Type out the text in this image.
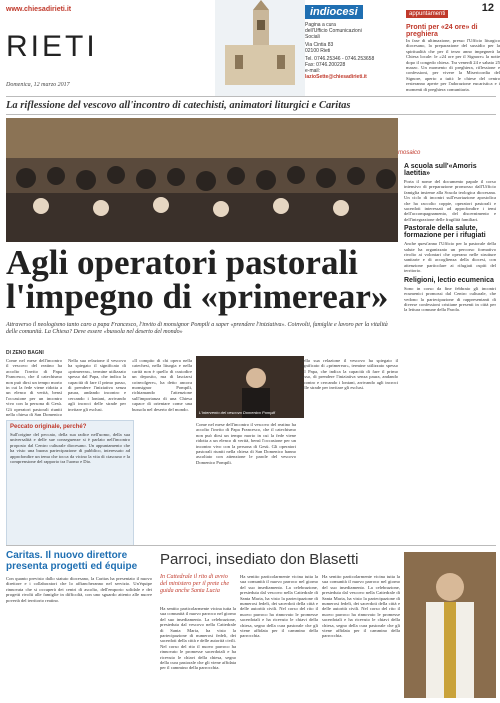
www.chiesadirieti.it
RIETI
Domenica, 12 marzo 2017
indiocesi
Pagina a cura
dell'Ufficio Comunicazioni
Sociali
Via Cintia 83
02100 Rieti
Tel. 0746.25346 - 0746.253658
Fax: 0746.200228
e-mail:
lazioSette@chiesadirieti.it
appuntamenti
Pronti per «24 ore» di preghiera
In fase di ultimazione, presso l'Ufficio liturgico diocesano, la preparazione del sussidio per la spiritualità che per il terzo anno impegnerà la Chiesa locale: le «24 ore per il Signore» la notte dopo il congedo chiesa. Tra venerdì 24 e sabato 25 marzo. Un momento di preghiera, riflessione e confessioni, per vivere la Misericordia del Signore, aperto a tutti: le chiese del centro resteranno aperte per l'adorazione eucaristica e i momenti di preghiera comunitaria.
12
La riflessione del vescovo all'incontro di catechisti, animatori liturgici e Caritas
mosaico
Agli operatori pastorali l'impegno di «primerear»
Attraverso il neologismo tanto caro a papa Francesco, l'invito di monsignor Pompili a saper «prendere l'iniziativa». Coinvolti, famiglie e lavoro per la vitalità delle comunità. La Chiesa? Deve essere «bussola nel deserto del mondo»
DI ZENO BAGNI
Come nel mese dell'incontro il vescovo del reatino ha accolto l'invito di Papa Francesco, che il catechismo non può dirsi un tempo morto in cui la fede viene ridotta a un elenco di verità, bensì l'occasione per un incontro vivo con la persona di Gesù. Gli operatori pastorali riuniti nella chiesa di San Domenico
Peccato originale, perché?
Sull'origine del peccato, della sua radice nell'uomo, della sua universalità e delle sue conseguenze si è parlato nell'incontro proposto dal Centro culturale diocesano. Un appuntamento che ha visto una buona partecipazione di pubblico, interessato ad approfondire un tema che tocca da vicino la vita di ciascuno e la comprensione del rapporto tra l'uomo e Dio.
Nella sua relazione il vescovo ha spiegato il significato di «primerear», termine utilizzato spesso dal Papa, che indica la capacità di fare il primo passo, di prendere l'iniziativa senza paura, andando incontro e cercando i lontani, arrivando agli incroci delle strade per invitare gli esclusi.
«Il compito di chi opera nella catechesi, nella liturgia e nella carità non è quello di custodire un deposito, ma di lasciarsi coinvolgere», ha detto ancora monsignor Pompili, richiamando l'attenzione sull'importanza di una Chiesa capace di orientare come una bussola nel deserto del mondo.
L'intervento del vescovo Domenico Pompili
Come nel mese dell'incontro il vescovo del reatino ha accolto l'invito di Papa Francesco, che il catechismo non può dirsi un tempo morto in cui la fede viene ridotta a un elenco di verità, bensì l'occasione per un incontro vivo con la persona di Gesù. Gli operatori pastorali riuniti nella chiesa di San Domenico hanno ascoltato con attenzione le parole del vescovo Domenico Pompili.
Nella sua relazione il vescovo ha spiegato il significato di «primerear», termine utilizzato spesso dal Papa, che indica la capacità di fare il primo passo, di prendere l'iniziativa senza paura, andando incontro e cercando i lontani, arrivando agli incroci delle strade per invitare gli esclusi.
A scuola sull'«Amoris laetitia»
Porta il nome del documento papale il corso intensivo di preparazione promosso dall'Ufficio famiglia insieme alla Scuola teologica diocesana. Un ciclo di incontri sull'esortazione apostolica che ha raccolto coppie, operatori pastorali e sacerdoti interessati ad approfondire i temi dell'accompagnamento, del discernimento e dell'integrazione delle fragilità familiari.
Pastorale della salute, formazione per i rifugiati
Anche quest'anno l'Ufficio per la pastorale della salute ha organizzato un percorso formativo rivolto ai volontari che operano nelle strutture sanitarie e di accoglienza della diocesi, con attenzione particolare ai rifugiati ospiti del territorio.
Religioni, lectio ecumenica
Sono in corso da fine febbraio gli incontri ecumenici promossi dal Centro culturale, che vedono la partecipazione di rappresentanti di diverse confessioni cristiane presenti in città per la lettura comune della Parola.
Caritas. Il nuovo direttore presenta progetti ed équipe
Con quanto previsto dallo statuto diocesano, la Caritas ha presentato il nuovo direttore e i collaboratori che lo affiancheranno nel servizio. Un'équipe rinnovata che si occuperà dei centri di ascolto, dell'emporio solidale e dei progetti rivolti alle famiglie in difficoltà, con uno sguardo attento alle nuove povertà del territorio reatino.
Parroci, insediato don Blasetti
In Cattedrale il rito di avvio del ministero per il prete che guida anche Santa Lucia
Ha sentito particolarmente vicina tutta la sua comunità il nuovo parroco nel giorno del suo insediamento. La celebrazione, presieduta dal vescovo nella Cattedrale di Santa Maria, ha visto la partecipazione di numerosi fedeli, dei sacerdoti della città e delle autorità civili. Nel corso del rito il nuovo parroco ha rinnovato le promesse sacerdotali e ha ricevuto le chiavi della chiesa, segno della cura pastorale che gli viene affidata per il cammino della parrocchia.
Ha sentito particolarmente vicina tutta la sua comunità il nuovo parroco nel giorno del suo insediamento. La celebrazione, presieduta dal vescovo nella Cattedrale di Santa Maria, ha visto la partecipazione di numerosi fedeli, dei sacerdoti della città e delle autorità civili. Nel corso del rito il nuovo parroco ha rinnovato le promesse sacerdotali e ha ricevuto le chiavi della chiesa, segno della cura pastorale che gli viene affidata per il cammino della parrocchia.
Ha sentito particolarmente vicina tutta la sua comunità il nuovo parroco nel giorno del suo insediamento. La celebrazione, presieduta dal vescovo nella Cattedrale di Santa Maria, ha visto la partecipazione di numerosi fedeli, dei sacerdoti della città e delle autorità civili. Nel corso del rito il nuovo parroco ha rinnovato le promesse sacerdotali e ha ricevuto le chiavi della chiesa, segno della cura pastorale che gli viene affidata per il cammino della parrocchia.
